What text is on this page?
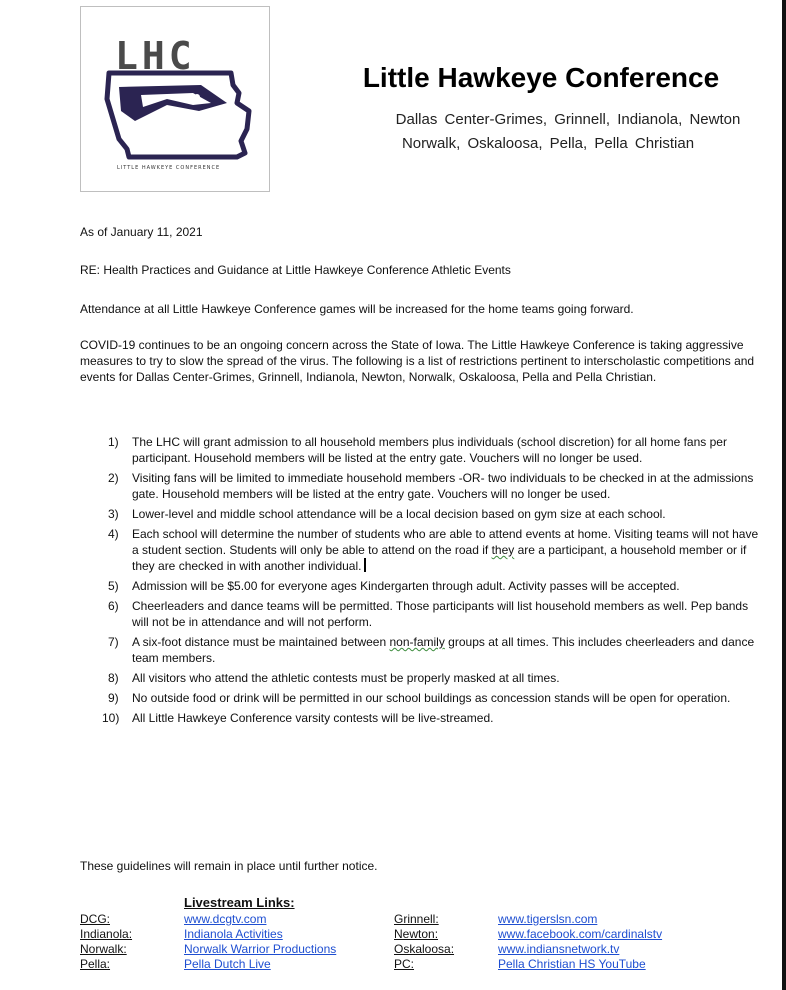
LHC
LITTLE HAWKEYE CONFERENCE
Little Hawkeye Conference
Dallas Center-Grimes, Grinnell, Indianola, Newton
Norwalk, Oskaloosa, Pella, Pella Christian
As of January 11, 2021
RE: Health Practices and Guidance at Little Hawkeye Conference Athletic Events
Attendance at all Little Hawkeye Conference games will be increased for the home teams going forward.
COVID-19 continues to be an ongoing concern across the State of Iowa. The Little Hawkeye Conference is taking aggressive measures to try to slow the spread of the virus. The following is a list of restrictions pertinent to interscholastic competitions and events for Dallas Center-Grimes, Grinnell, Indianola, Newton, Norwalk, Oskaloosa, Pella and Pella Christian.
1) The LHC will grant admission to all household members plus individuals (school discretion) for all home fans per participant. Household members will be listed at the entry gate. Vouchers will no longer be used.
2) Visiting fans will be limited to immediate household members -OR- two individuals to be checked in at the admissions gate. Household members will be listed at the entry gate. Vouchers will no longer be used.
3) Lower-level and middle school attendance will be a local decision based on gym size at each school.
4) Each school will determine the number of students who are able to attend events at home. Visiting teams will not have a student section. Students will only be able to attend on the road if they are a participant, a household member or if they are checked in with another individual.
5) Admission will be $5.00 for everyone ages Kindergarten through adult. Activity passes will be accepted.
6) Cheerleaders and dance teams will be permitted. Those participants will list household members as well. Pep bands will not be in attendance and will not perform.
7) A six-foot distance must be maintained between non-family groups at all times. This includes cheerleaders and dance team members.
8) All visitors who attend the athletic contests must be properly masked at all times.
9) No outside food or drink will be permitted in our school buildings as concession stands will be open for operation.
10) All Little Hawkeye Conference varsity contests will be live-streamed.
These guidelines will remain in place until further notice.
Livestream Links:
DCG:	www.dcgtv.com	Grinnell:	www.tigerslsn.com
Indianola:	Indianola Activities	Newton:	www.facebook.com/cardinalstv
Norwalk:	Norwalk Warrior Productions	Oskaloosa:	www.indiansnetwork.tv
Pella:	Pella Dutch Live	PC:	Pella Christian HS YouTube
